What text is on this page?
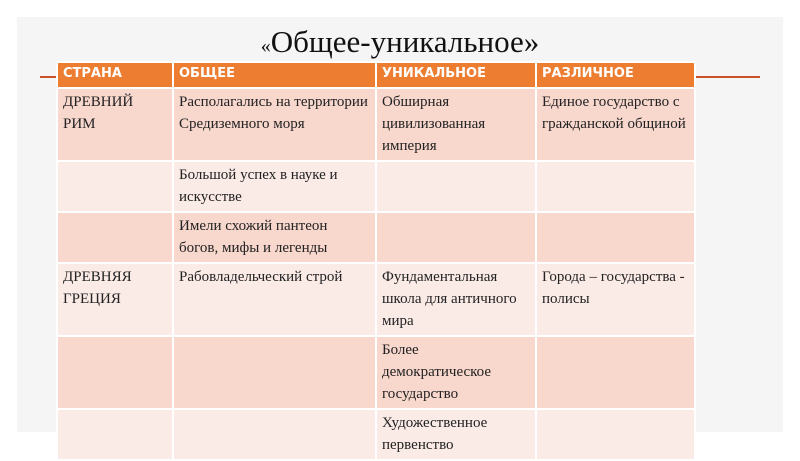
«Общее-уникальное»
СТРАНА	ОБЩЕЕ	УНИКАЛЬНОЕ	РАЗЛИЧНОЕ
ДРЕВНИЙ РИМ	Располагались на территории Средиземного моря	Обширная цивилизованная империя	Единое государство с гражданской общиной
	Большой успех в науке и искусстве		
	Имели схожий пантеон богов, мифы и легенды		
ДРЕВНЯЯ ГРЕЦИЯ	Рабовладельческий строй	Фундаментальная школа для античного мира	Города – государства - полисы
		Более демократическое государство	
		Художественное первенство	
